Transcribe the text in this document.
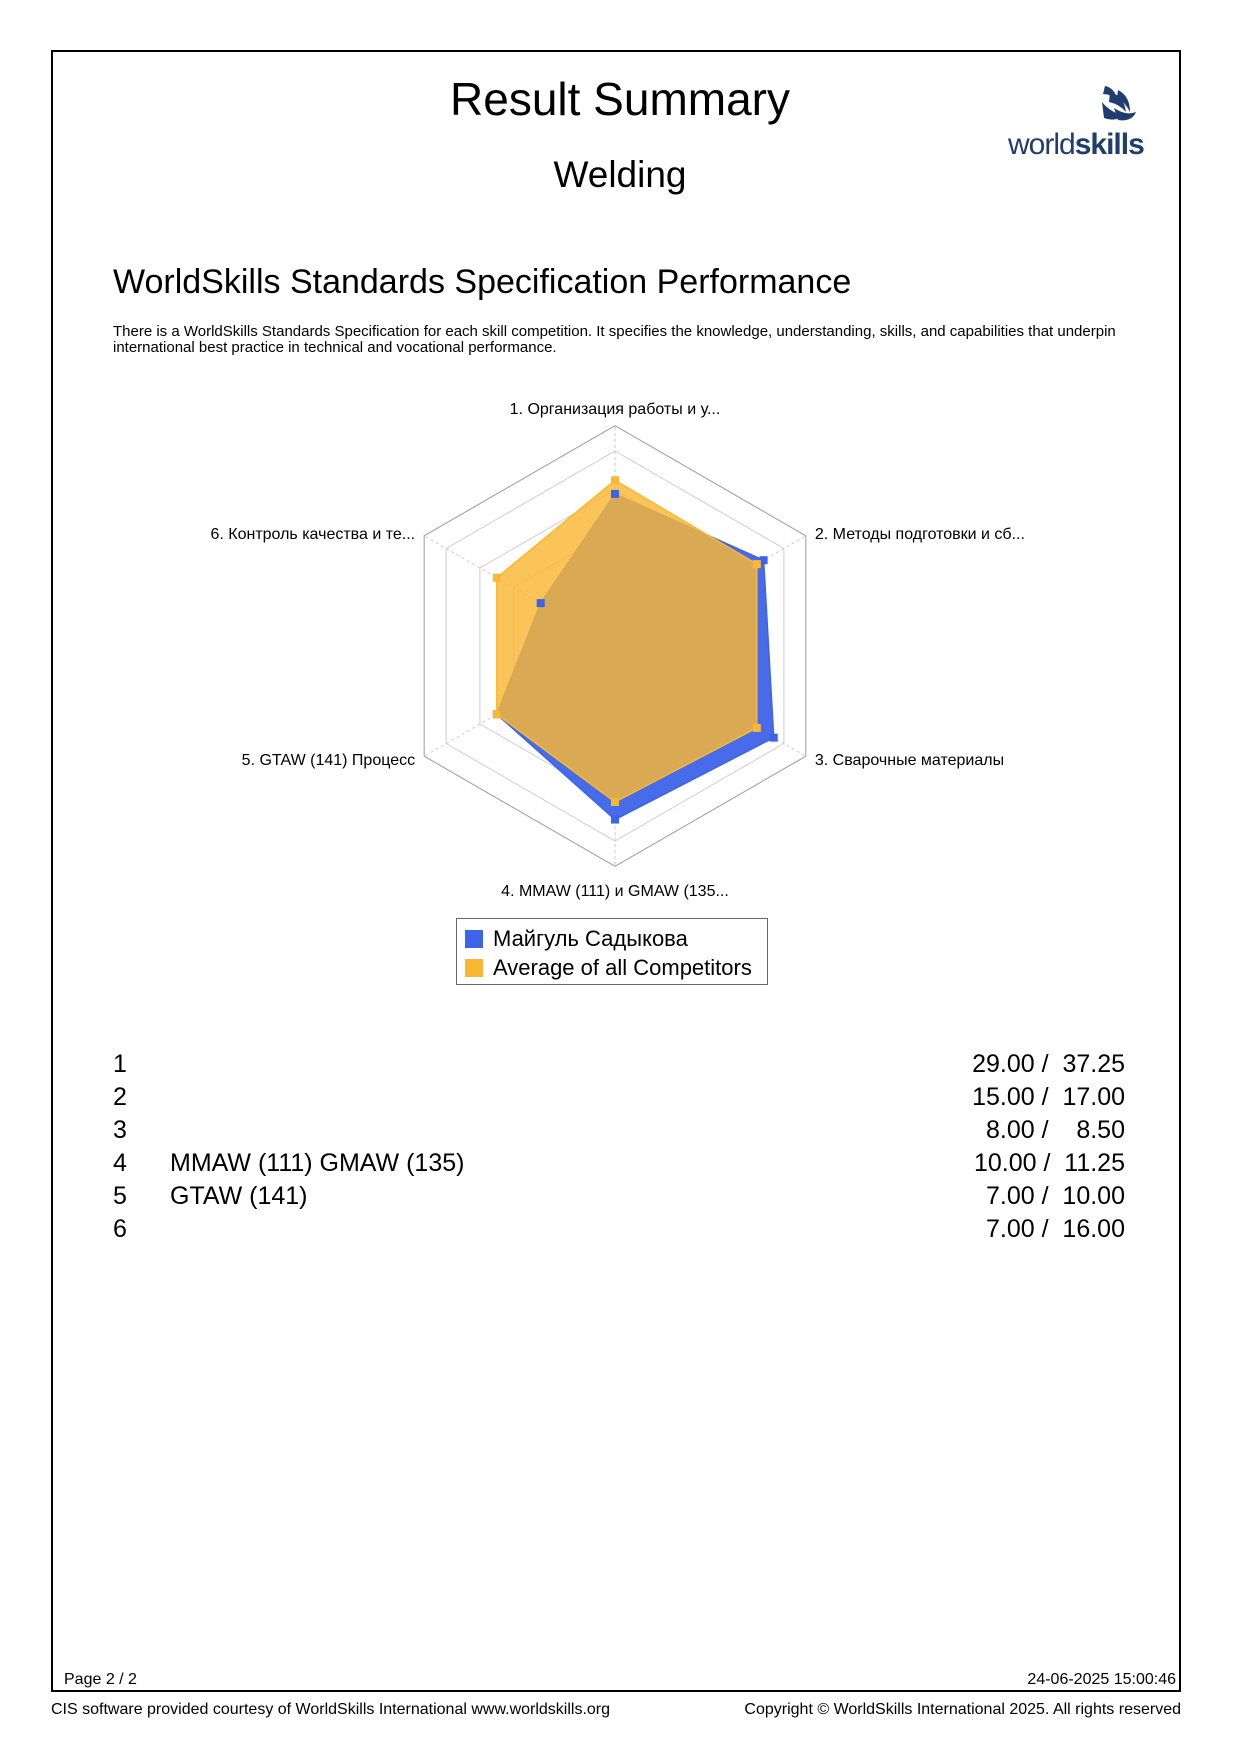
Result Summary
Welding
worldskills
WorldSkills Standards Specification Performance
There is a WorldSkills Standards Specification for each skill competition. It specifies the knowledge, understanding, skills, and capabilities that underpin international best practice in technical and vocational performance.
1. Организация работы и у...
2. Методы подготовки и сб...
3. Сварочные материалы
4. MMAW (111) и GMAW (135...
5. GTAW (141) Процесс
6. Контроль качества и те...
Майгуль Садыкова
Average of all Competitors
1	29.00 /  37.25
2	15.00 /  17.00
3	8.00 /    8.50
4 MMAW (111) GMAW (135)	10.00 /  11.25
5 GTAW (141)	7.00 /  10.00
6	7.00 /  16.00
Page 2 / 2	24-06-2025 15:00:46
CIS software provided courtesy of WorldSkills International www.worldskills.org	Copyright © WorldSkills International 2025. All rights reserved
